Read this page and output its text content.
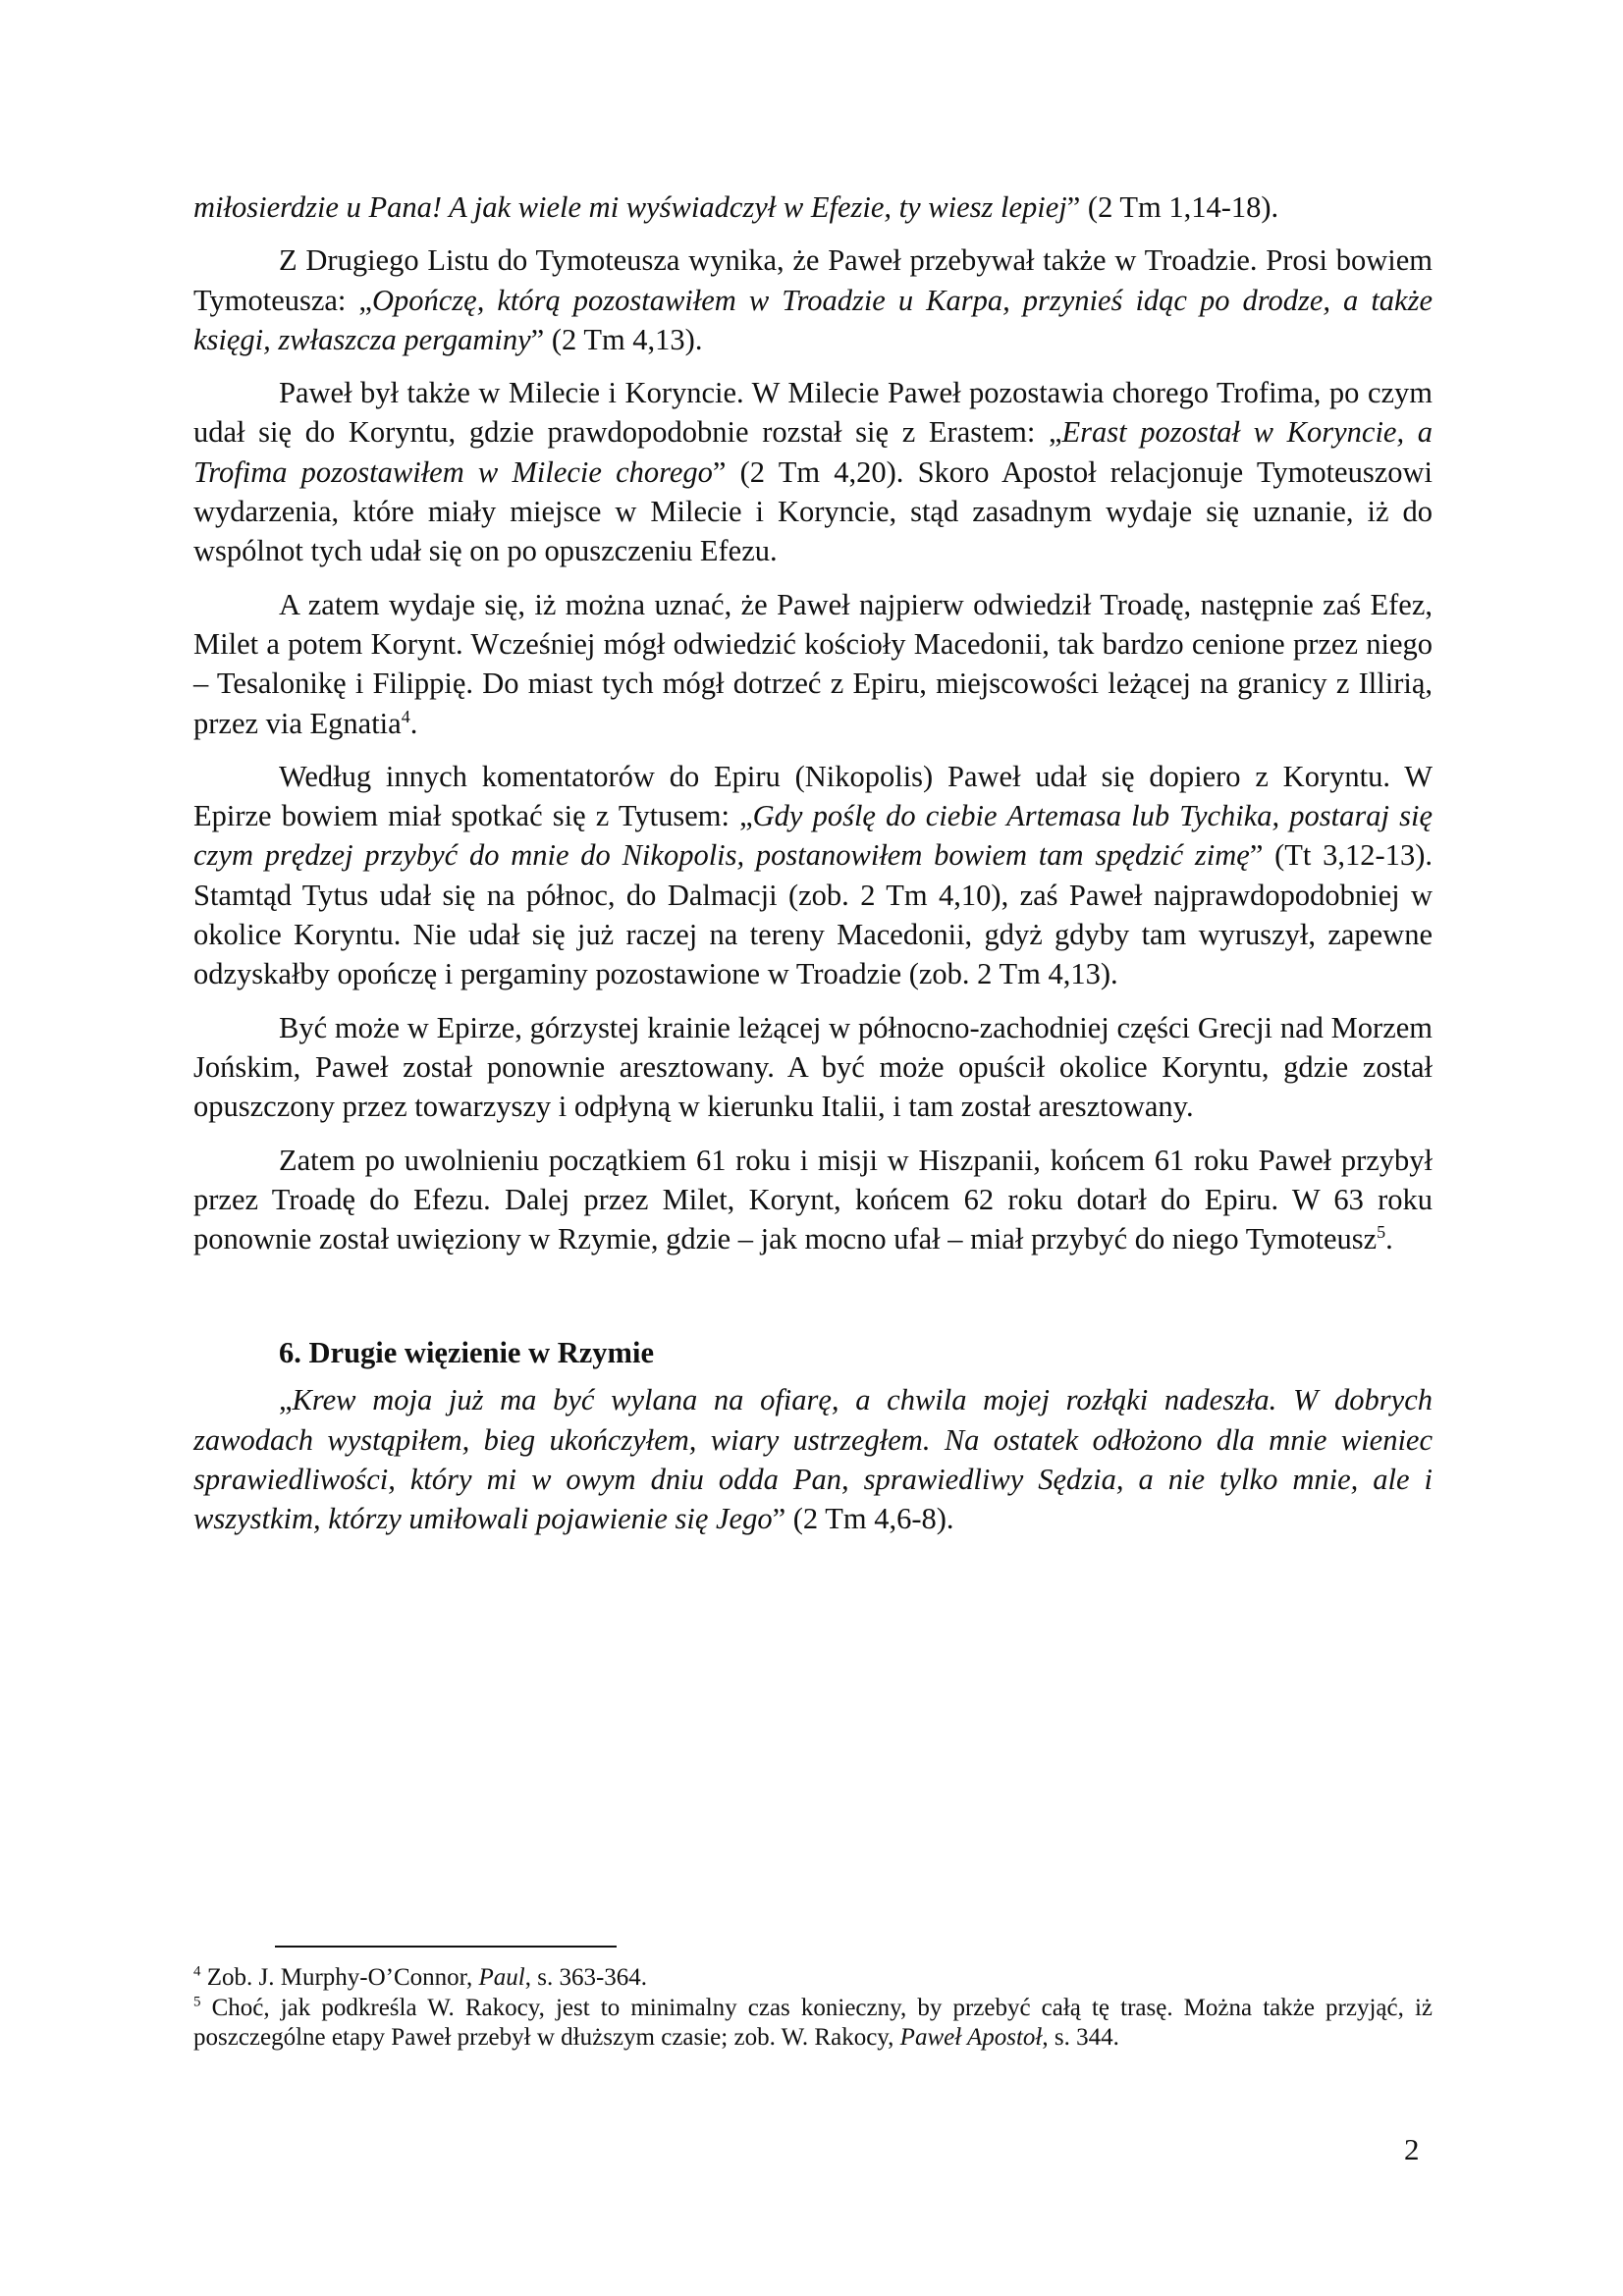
miłosierdzie u Pana! A jak wiele mi wyświadczył w Efezie, ty wiesz lepiej” (2 Tm 1,14-18).

Z Drugiego Listu do Tymoteusza wynika, że Paweł przebywał także w Troadzie. Prosi bowiem Tymoteusza: „Opończę, którą pozostawiłem w Troadzie u Karpa, przynieś idąc po drodze, a także księgi, zwłaszcza pergaminy” (2 Tm 4,13).

Paweł był także w Milecie i Koryncie. W Milecie Paweł pozostawia chorego Trofima, po czym udał się do Koryntu, gdzie prawdopodobnie rozstał się z Erastem: „Erast pozostał w Koryncie, a Trofima pozostawiłem w Milecie chorego” (2 Tm 4,20). Skoro Apostoł relacjonuje Tymoteuszowi wydarzenia, które miały miejsce w Milecie i Koryncie, stąd zasadnym wydaje się uznanie, iż do wspólnot tych udał się on po opuszczeniu Efezu.

A zatem wydaje się, iż można uznać, że Paweł najpierw odwiedził Troadę, następnie zaś Efez, Milet a potem Korynt. Wcześniej mógł odwiedzić kościoły Macedonii, tak bardzo cenione przez niego – Tesalonikę i Filippię. Do miast tych mógł dotrzeć z Epiru, miejscowości leżącej na granicy z Illirią, przez via Egnatia$^4$.

Według innych komentatorów do Epiru (Nikopolis) Paweł udał się dopiero z Koryntu. W Epirze bowiem miał spotkać się z Tytusem: „Gdy poślę do ciebie Artemasa lub Tychika, postaraj się czym prędzej przybyć do mnie do Nikopolis, postanowiłem bowiem tam spędzić zimę” (Tt 3,12-13). Stamtąd Tytus udał się na północ, do Dalmacji (zob. 2 Tm 4,10), zaś Paweł najprawdopodobniej w okolice Koryntu. Nie udał się już raczej na tereny Macedonii, gdyż gdyby tam wyruszył, zapewne odzyskałby opończę i pergaminy pozostawione w Troadzie (zob. 2 Tm 4,13).

Być może w Epirze, górzystej krainie leżącej w północno-zachodniej części Grecji nad Morzem Jońskim, Paweł został ponownie aresztowany. A być może opuścił okolice Koryntu, gdzie został opuszczony przez towarzyszy i odpłyną w kierunku Italii, i tam został aresztowany.

Zatem po uwolnieniu początkiem 61 roku i misji w Hiszpanii, końcem 61 roku Paweł przybył przez Troadę do Efezu. Dalej przez Milet, Korynt, końcem 62 roku dotarł do Epiru. W 63 roku ponownie został uwięziony w Rzymie, gdzie – jak mocno ufał – miał przybyć do niego Tymoteusz$^5$.

6. Drugie więzienie w Rzymie

„Krew moja już ma być wylana na ofiarę, a chwila mojej rozłąki nadeszła. W dobrych zawodach wystąpiłem, bieg ukończyłem, wiary ustrzegłem. Na ostatek odłożono dla mnie wieniec sprawiedliwości, który mi w owym dniu odda Pan, sprawiedliwy Sędzia, a nie tylko mnie, ale i wszystkim, którzy umiłowali pojawienie się Jego” (2 Tm 4,6-8).

$^4$ Zob. J. Murphy-O’Connor, Paul, s. 363-364.

$^5$ Choć, jak podkreśla W. Rakocy, jest to minimalny czas konieczny, by przebyć całą tę trasę. Można także przyjąć, iż poszczególne etapy Paweł przebył w dłuższym czasie; zob. W. Rakocy, Paweł Apostoł, s. 344.

2
